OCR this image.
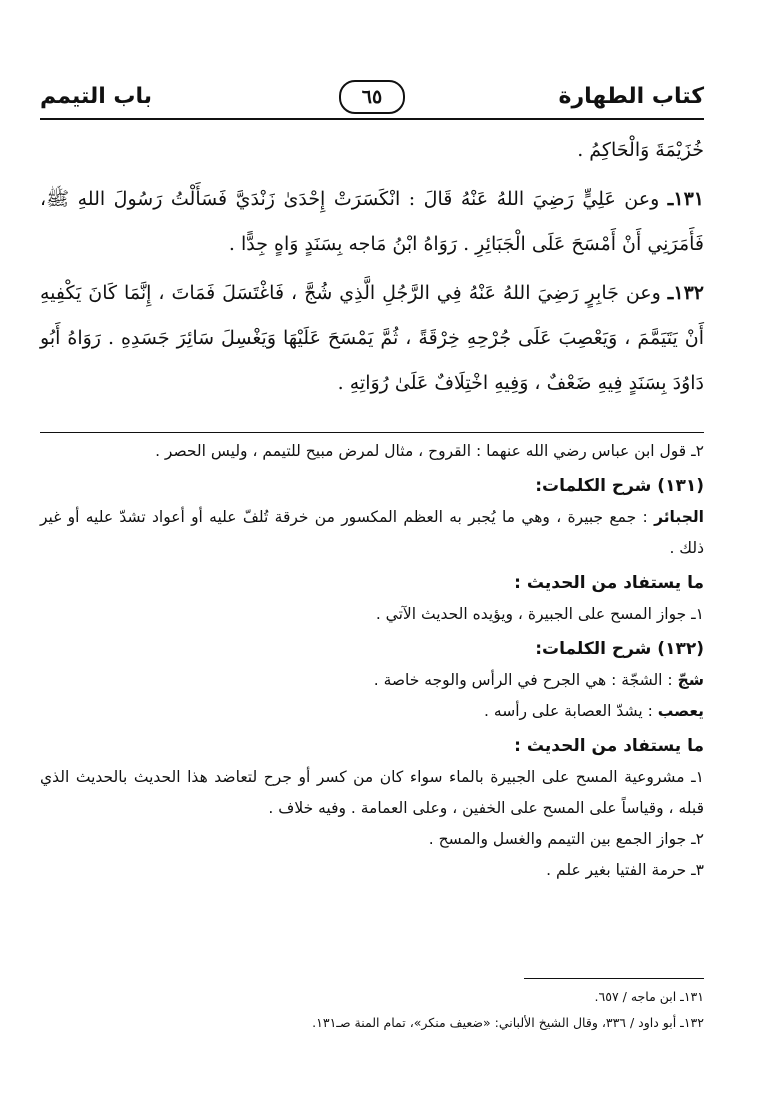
كتاب الطهارة
٦٥
باب التيمم

خُزَيْمَةَ وَالْحَاكِمُ .

١٣١ـ وعن عَلِيٍّ رَضِيَ اللهُ عَنْهُ قَالَ : انْكَسَرَتْ إِحْدَىٰ زَنْدَيَّ فَسَأَلْتُ رَسُولَ اللهِ ﷺ، فَأَمَرَنِي أَنْ أَمْسَحَ عَلَى الْجَبَائِرِ . رَوَاهُ ابْنُ مَاجه بِسَنَدٍ وَاهٍ جِدًّا .

١٣٢ـ وعن جَابِرٍ رَضِيَ اللهُ عَنْهُ فِي الرَّجُلِ الَّذِي شُجَّ ، فَاغْتَسَلَ فَمَاتَ ، إِنَّمَا كَانَ يَكْفِيهِ أَنْ يَتَيَمَّمَ ، وَيَعْصِبَ عَلَى جُرْحِهِ خِرْقَةً ، ثُمَّ يَمْسَحَ عَلَيْهَا وَيَغْسِلَ سَائِرَ جَسَدِهِ . رَوَاهُ أَبُو دَاوُدَ بِسَنَدٍ فِيهِ ضَعْفٌ ، وَفِيهِ اخْتِلَافٌ عَلَىٰ رُوَاتِهِ .

٢ـ قول ابن عباس رضي الله عنهما : القروح ، مثال لمرض مبيح للتيمم ، وليس الحصر .

(١٣١) شرح الكلمات:

الجبائر : جمع جبيرة ، وهي ما يُجبر به العظم المكسور من خرقة تُلفّ عليه أو أعواد تشدّ عليه أو غير ذلك .

ما يستفاد من الحديث :

١ـ جواز المسح على الجبيرة ، ويؤيده الحديث الآتي .

(١٣٢) شرح الكلمات:

شجّ : الشجّة : هي الجرح في الرأس والوجه خاصة .

يعصب : يشدّ العصابة على رأسه .

ما يستفاد من الحديث :

١ـ مشروعية المسح على الجبيرة بالماء سواء كان من كسر أو جرح لتعاضد هذا الحديث بالحديث الذي قبله ، وقياساً على المسح على الخفين ، وعلى العمامة . وفيه خلاف .

٢ـ جواز الجمع بين التيمم والغسل والمسح .

٣ـ حرمة الفتيا بغير علم .

١٣١ـ ابن ماجه / ٦٥٧.

١٣٢ـ أبو داود / ٣٣٦، وقال الشيخ الألباني: «ضعيف منكر»، تمام المنة صـ١٣١.
